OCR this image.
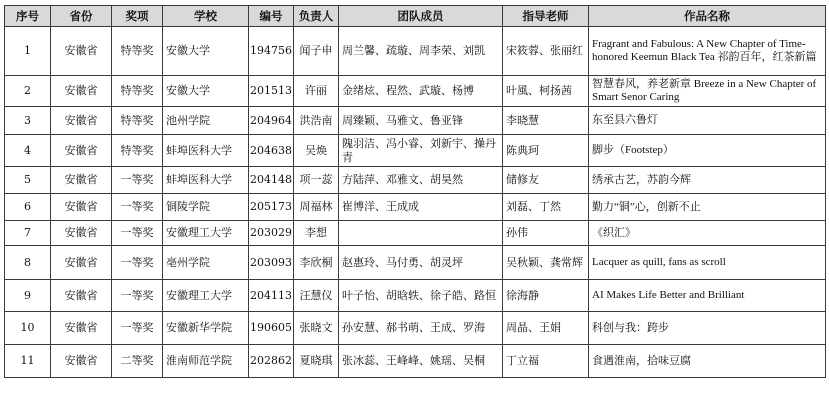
序号	省份	奖项	学校	编号	负责人	团队成员	指导老师	作品名称
1	安徽省	特等奖	安徽大学	194756	闻子申	周兰馨、疏璇、周李荣、刘凯	宋筱蓉、张丽红	Fragrant and Fabulous: A New Chapter of Time-honored Keemun Black Tea 祁韵百年，红茶新篇
2	安徽省	特等奖	安徽大学	201513	许丽	金绪炫、程然、武璇、杨博	叶風、柯扬茜	智慧春风，养老新章 Breeze in a New Chapter of Smart Senor Caring
3	安徽省	特等奖	池州学院	204964	洪浩南	周臻颖、马雅文、鲁亚锋	李晓慧	东至县六鲁灯
4	安徽省	特等奖	蚌埠医科大学	204638	吴焕	隗羽洁、冯小睿、刘新宇、操丹青	陈典珂	脚步（Footstep）
5	安徽省	一等奖	蚌埠医科大学	204148	项一蕊	方陆萍、邓雅文、胡昊然	储修友	绣承古艺，苏韵今辉
6	安徽省	一等奖	铜陵学院	205173	周福林	崔博洋、王成成	刘磊、丁然	勤力“铜”心，创新不止
7	安徽省	一等奖	安徽理工大学	203029	李想		孙伟	《织汇》
8	安徽省	一等奖	亳州学院	203093	李欣桐	赵惠玲、马付勇、胡灵坪	吴秋颖、龚常辉	Lacquer as quill, fans as scroll
9	安徽省	一等奖	安徽理工大学	204113	汪慧仪	叶子怡、胡晗轶、徐子皓、路恒	徐海静	AI Makes Life Better and Brilliant
10	安徽省	一等奖	安徽新华学院	190605	张晓文	孙安慧、郝书萌、王成、罗海	周晶、王娟	科创与我：跨步
11	安徽省	二等奖	淮南师范学院	202862	夏晓琪	张冰蕊、王峰峰、姚瑶、吴桐	丁立福	食遇淮南，拾味豆腐
